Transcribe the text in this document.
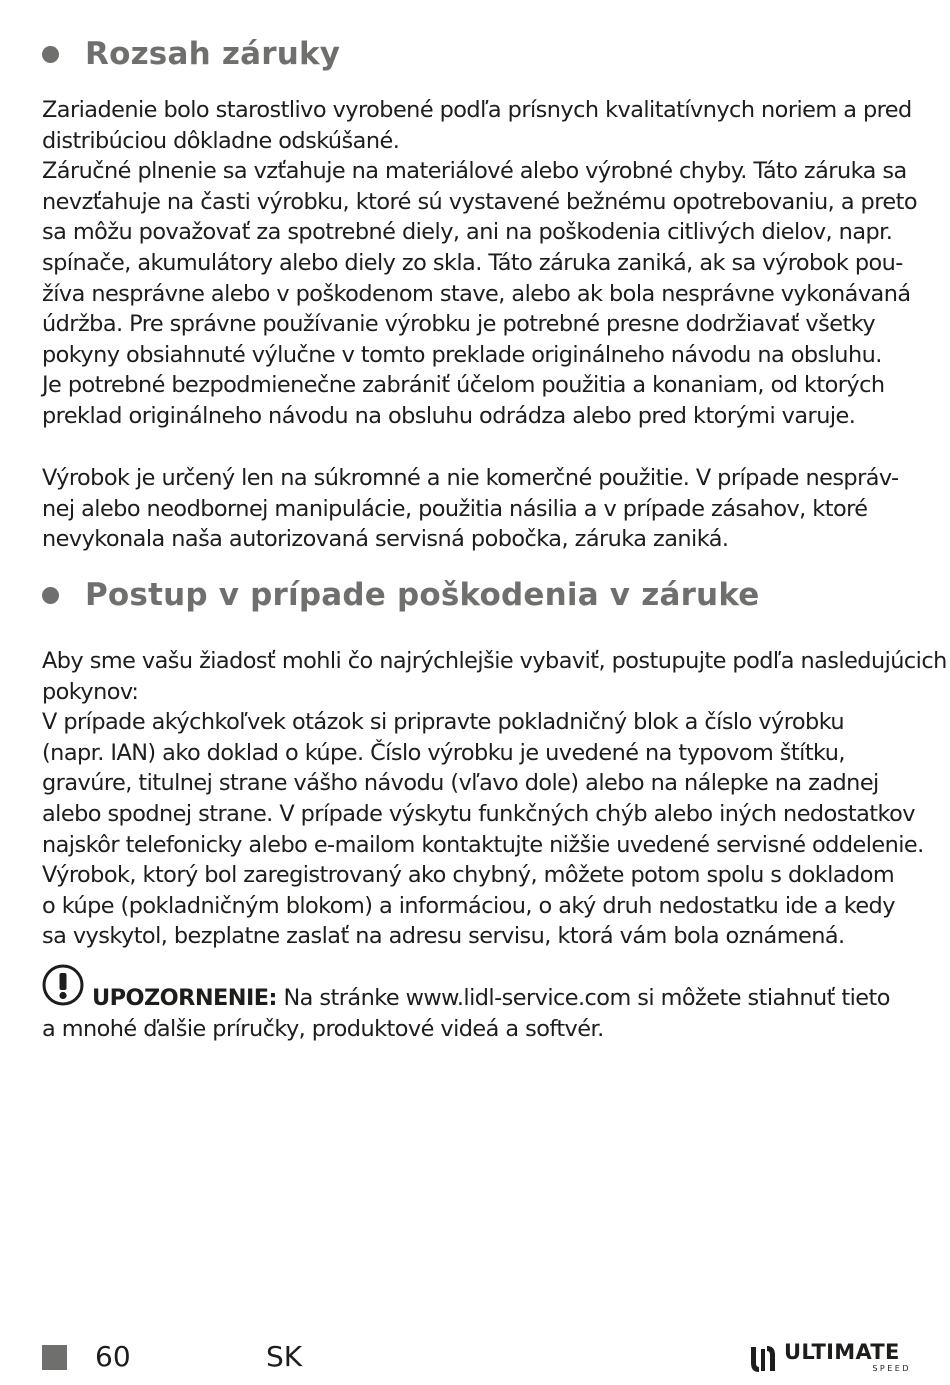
Rozsah záruky
Zariadenie bolo starostlivo vyrobené podľa prísnych kvalitatívnych noriem a pred
distribúciou dôkladne odskúšané.
Záručné plnenie sa vzťahuje na materiálové alebo výrobné chyby. Táto záruka sa
nevzťahuje na časti výrobku, ktoré sú vystavené bežnému opotrebovaniu, a preto
sa môžu považovať za spotrebné diely, ani na poškodenia citlivých dielov, napr.
spínače, akumulátory alebo diely zo skla. Táto záruka zaniká, ak sa výrobok pou-
žíva nesprávne alebo v poškodenom stave, alebo ak bola nesprávne vykonávaná
údržba. Pre správne používanie výrobku je potrebné presne dodržiavať všetky
pokyny obsiahnuté výlučne v tomto preklade originálneho návodu na obsluhu.
Je potrebné bezpodmienečne zabrániť účelom použitia a konaniam, od ktorých
preklad originálneho návodu na obsluhu odrádza alebo pred ktorými varuje.
Výrobok je určený len na súkromné a nie komerčné použitie. V prípade nespráv-
nej alebo neodbornej manipulácie, použitia násilia a v prípade zásahov, ktoré
nevykonala naša autorizovaná servisná pobočka, záruka zaniká.
Postup v prípade poškodenia v záruke
Aby sme vašu žiadosť mohli čo najrýchlejšie vybaviť, postupujte podľa nasledujúcich
pokynov:
V prípade akýchkoľvek otázok si pripravte pokladničný blok a číslo výrobku
(napr. IAN) ako doklad o kúpe. Číslo výrobku je uvedené na typovom štítku,
gravúre, titulnej strane vášho návodu (vľavo dole) alebo na nálepke na zadnej
alebo spodnej strane. V prípade výskytu funkčných chýb alebo iných nedostatkov
najskôr telefonicky alebo e-mailom kontaktujte nižšie uvedené servisné oddelenie.
Výrobok, ktorý bol zaregistrovaný ako chybný, môžete potom spolu s dokladom
o kúpe (pokladničným blokom) a informáciou, o aký druh nedostatku ide a kedy
sa vyskytol, bezplatne zaslať na adresu servisu, ktorá vám bola oznámená.
UPOZORNENIE: Na stránke www.lidl-service.com si môžete stiahnuť tieto
a mnohé ďalšie príručky, produktové videá a softvér.
60	SK	ULTIMATE
SPEED
